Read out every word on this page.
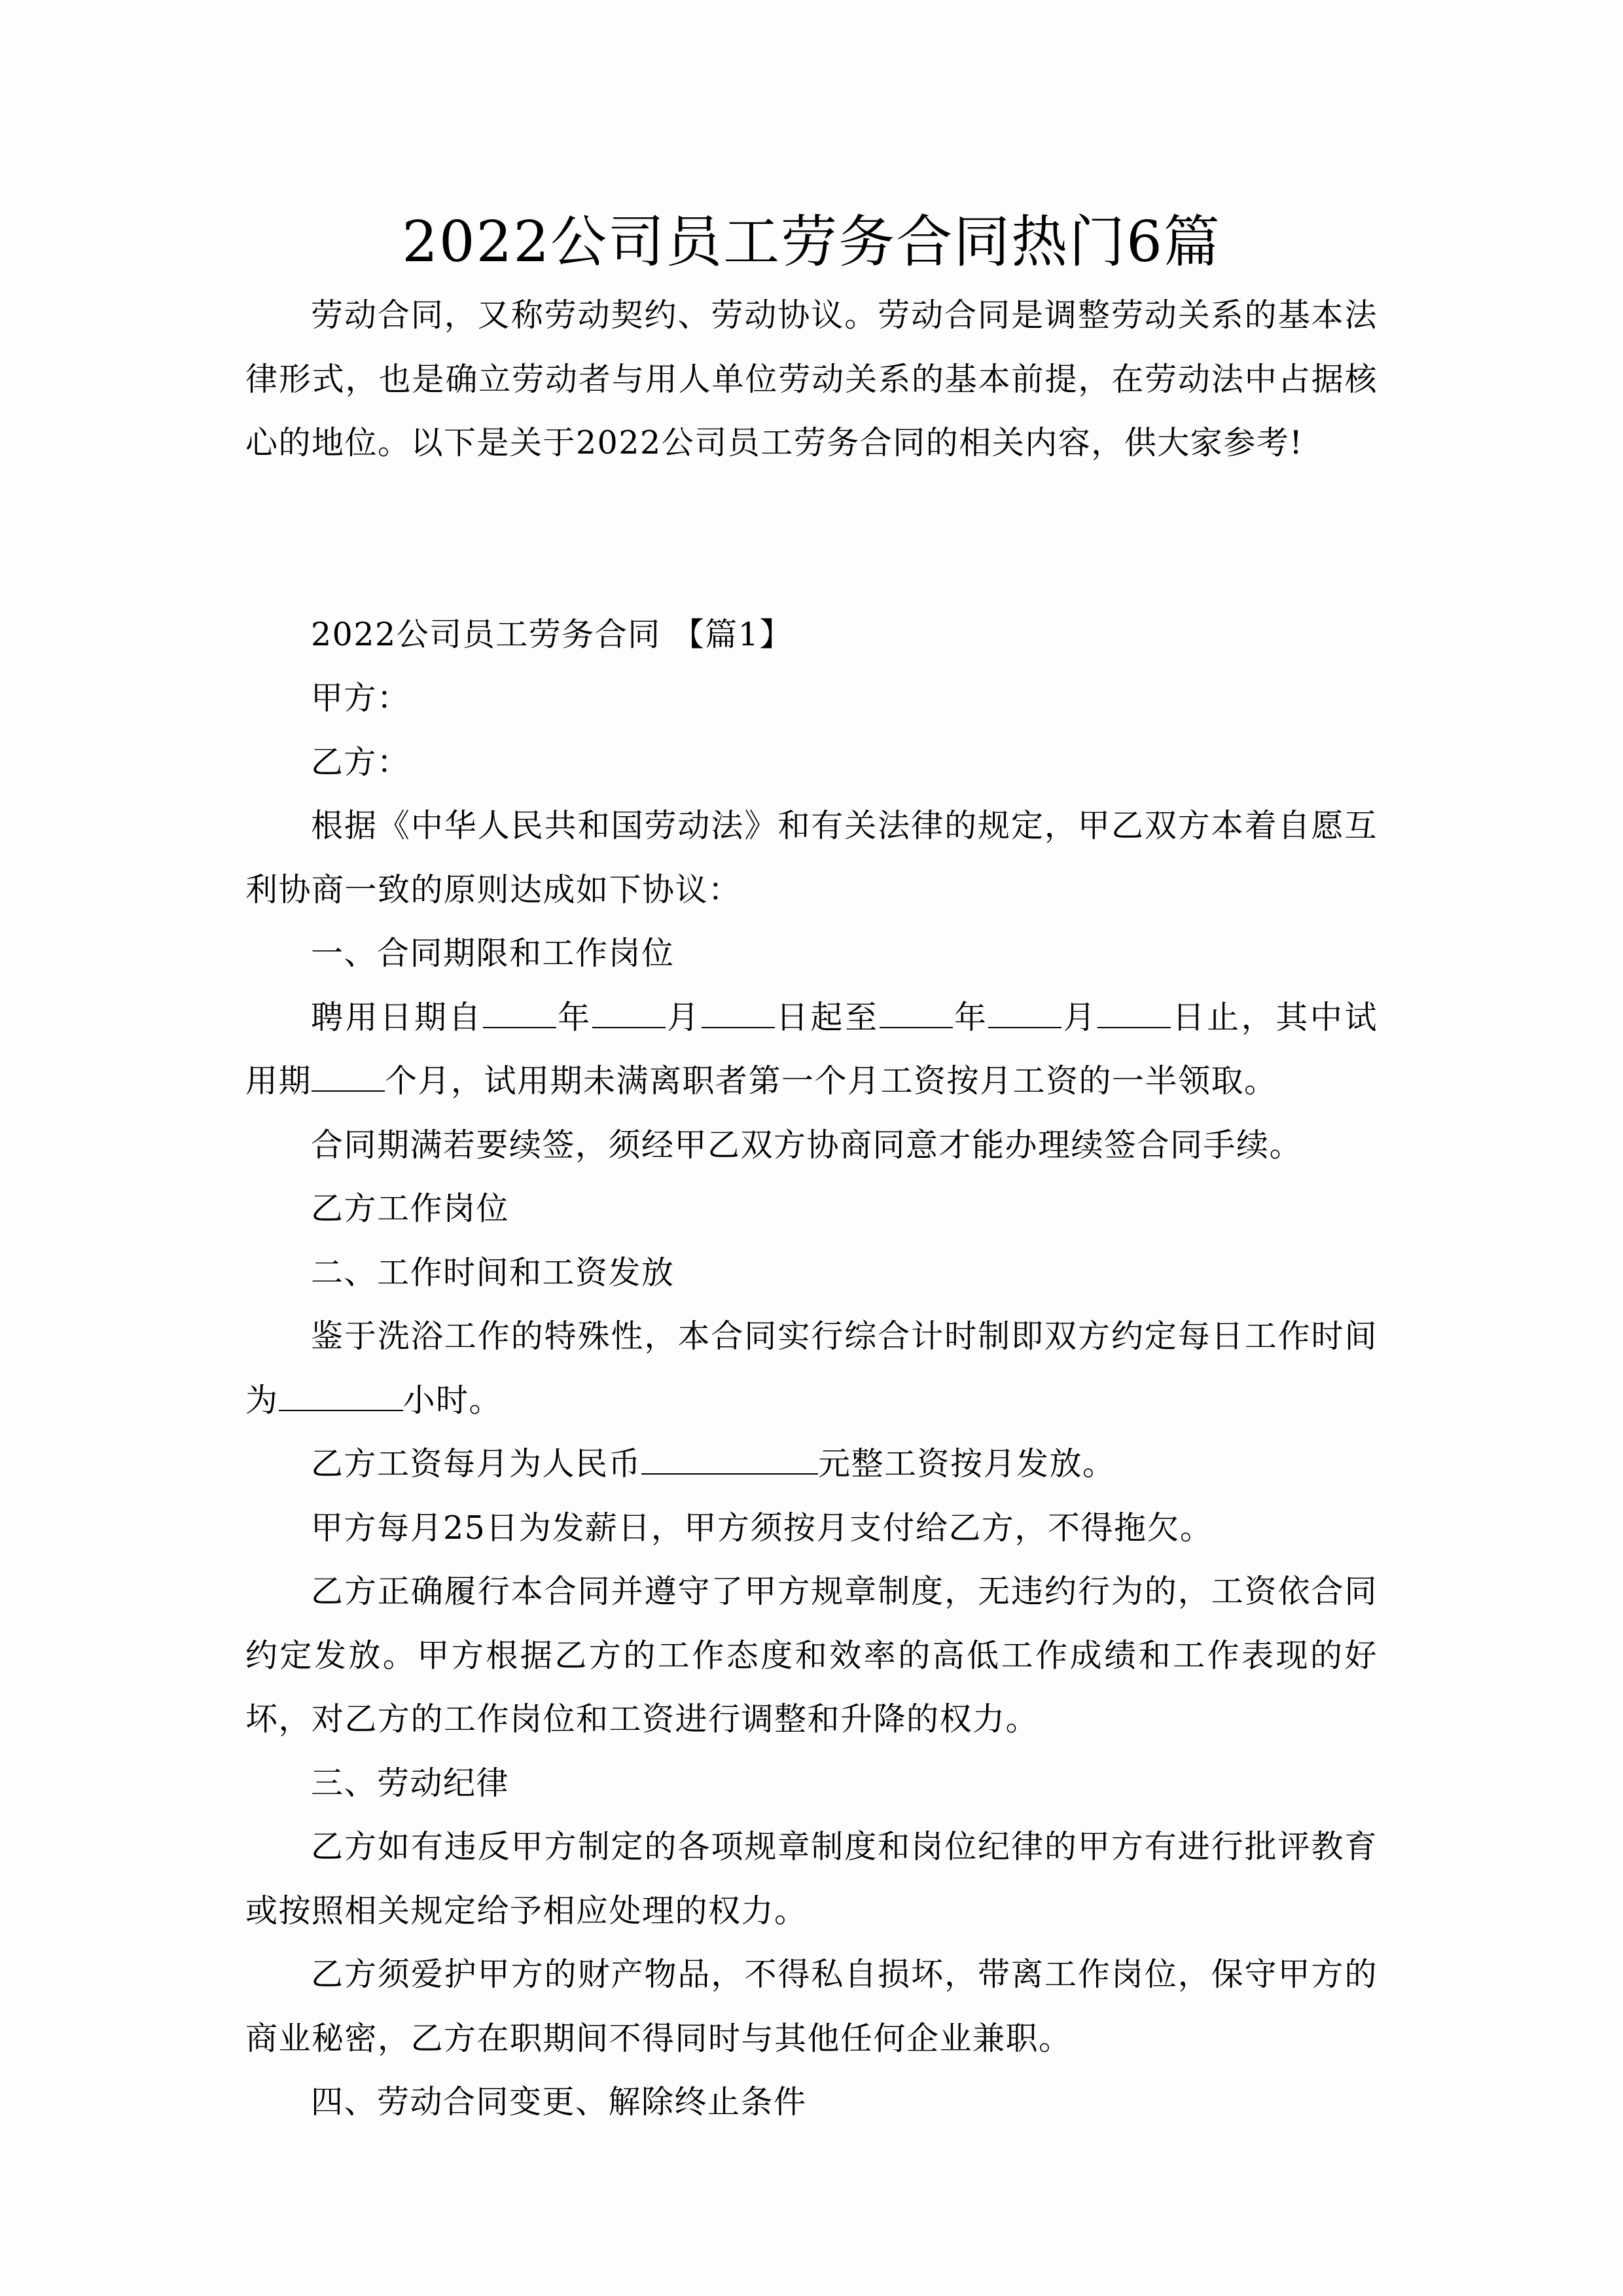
2022公司员工劳务合同热门6篇

劳动合同，又称劳动契约、劳动协议。劳动合同是调整劳动关系的基本法律形式，也是确立劳动者与用人单位劳动关系的基本前提，在劳动法中占据核心的地位。以下是关于2022公司员工劳务合同的相关内容，供大家参考!

2022公司员工劳务合同 【篇1】

甲方：

乙方：

根据《中华人民共和国劳动法》和有关法律的规定，甲乙双方本着自愿互利协商一致的原则达成如下协议：

一、合同期限和工作岗位

聘用日期自 年 月 日起至 年 月 日止，其中试用期 个月，试用期未满离职者第一个月工资按月工资的一半领取。

合同期满若要续签，须经甲乙双方协商同意才能办理续签合同手续。

乙方工作岗位

二、工作时间和工资发放

鉴于洗浴工作的特殊性，本合同实行综合计时制即双方约定每日工作时间为	小时。

乙方工资每月为人民币	元整工资按月发放。

甲方每月25日为发薪日，甲方须按月支付给乙方，不得拖欠。

乙方正确履行本合同并遵守了甲方规章制度，无违约行为的，工资依合同约定发放。甲方根据乙方的工作态度和效率的高低工作成绩和工作表现的好坏，对乙方的工作岗位和工资进行调整和升降的权力。

三、劳动纪律

乙方如有违反甲方制定的各项规章制度和岗位纪律的甲方有进行批评教育或按照相关规定给予相应处理的权力。

乙方须爱护甲方的财产物品，不得私自损坏，带离工作岗位，保守甲方的商业秘密，乙方在职期间不得同时与其他任何企业兼职。

四、劳动合同变更、解除终止条件
